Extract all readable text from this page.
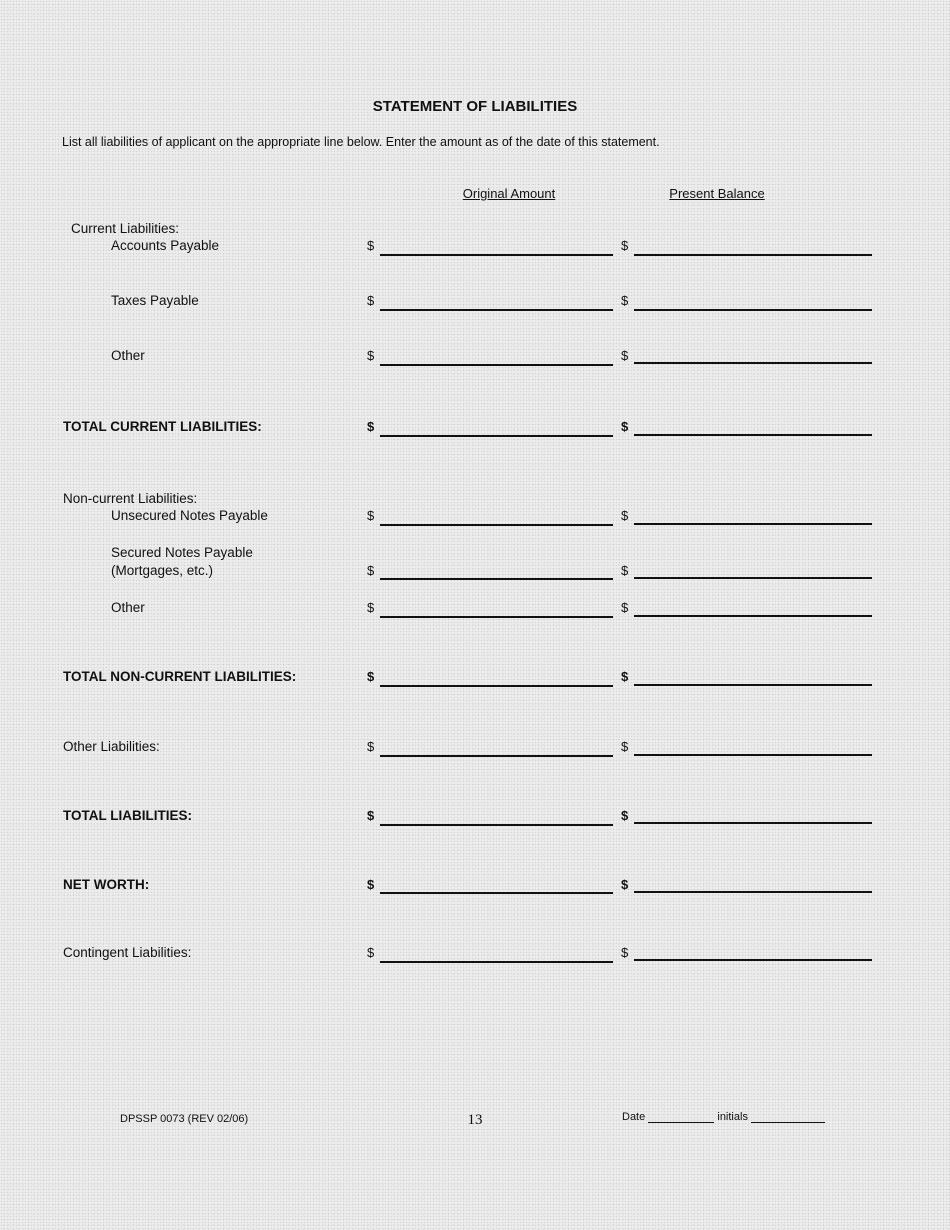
STATEMENT OF LIABILITIES
List all liabilities of applicant on the appropriate line below. Enter the amount as of the date of this statement.
Original Amount	Present Balance
Current Liabilities:
Accounts Payable	$	$
Taxes Payable	$	$
Other	$	$
TOTAL CURRENT LIABILITIES:	$	$
Non-current Liabilities:
Unsecured Notes Payable	$	$
Secured Notes Payable
(Mortgages, etc.)	$	$
Other	$	$
TOTAL NON-CURRENT LIABILITIES:	$	$
Other Liabilities:	$	$
TOTAL LIABILITIES:	$	$
NET WORTH:	$	$
Contingent Liabilities:	$	$
DPSSP 0073 (REV 02/06)	13	Date	initials
